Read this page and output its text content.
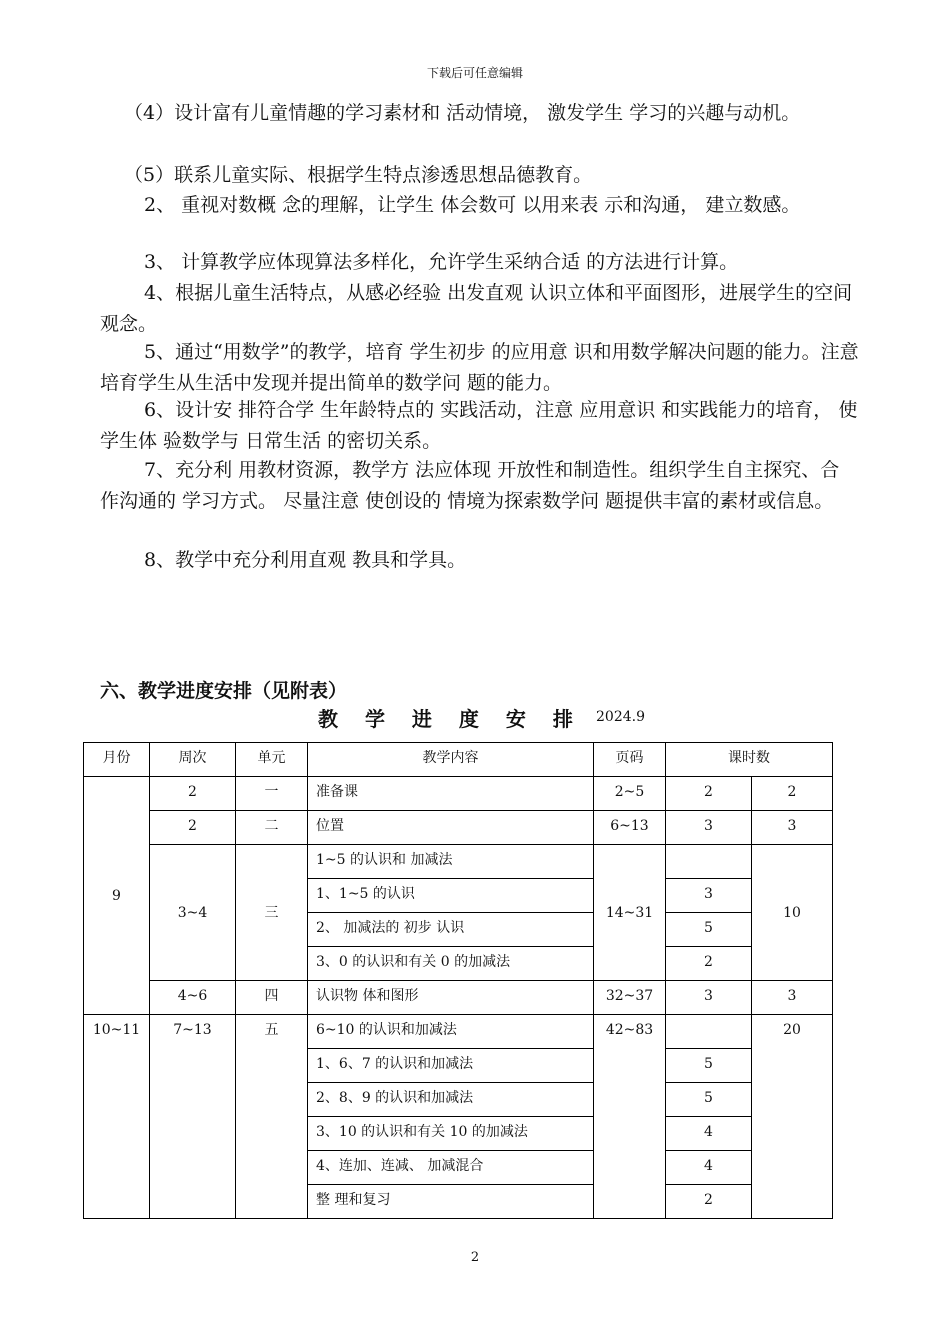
下载后可任意编辑

（4）设计富有儿童情趣的学习素材和 活动情境， 激发学生 学习的兴趣与动机。

（5）联系儿童实际、根据学生特点渗透思想品德教育。

2、 重视对数概 念的理解，让学生 体会数可 以用来表 示和沟通， 建立数感。

3、 计算教学应体现算法多样化，允许学生采纳合适 的方法进行计算。

4、根据儿童生活特点，从感必经验 出发直观 认识立体和平面图形，进展学生的空间观念。

5、通过“用数学”的教学，培育 学生初步 的应用意 识和用数学解决问题的能力。注意培育学生从生活中发现并提出简单的数学问 题的能力。

6、设计安 排符合学 生年龄特点的 实践活动，注意 应用意识 和实践能力的培育， 使学生体 验数学与 日常生活 的密切关系。

7、充分利 用教材资源，教学方 法应体现 开放性和制造性。组织学生自主探究、合 作沟通的 学习方式。 尽量注意 使创设的 情境为探索数学问 题提供丰富的素材或信息。

8、教学中充分利用直观 教具和学具。

六、教学进度安排（见附表）
教 学 进 度 安 排 2024.9
月份	周次	单元	教学内容	页码	课时数	
9	2	一	准备课	2~5	2	2
	2	二	位置	6~13	3	3
	3~4	三	1~5 的认识和 加减法	14~31		10
			1、1~5 的认识		3	
			2、 加减法的 初步 认识		5	
			3、0 的认识和有关 0 的加减法		2	
	4~6	四	认识物 体和图形	32~37	3	3
10~11	7~13	五	6~10 的认识和加减法	42~83		20
			1、6、7 的认识和加减法		5	
			2、8、9 的认识和加减法		5	
			3、10 的认识和有关 10 的加减法		4	
			4、连加、连减、 加减混合		4	
			整 理和复习		2	
2
